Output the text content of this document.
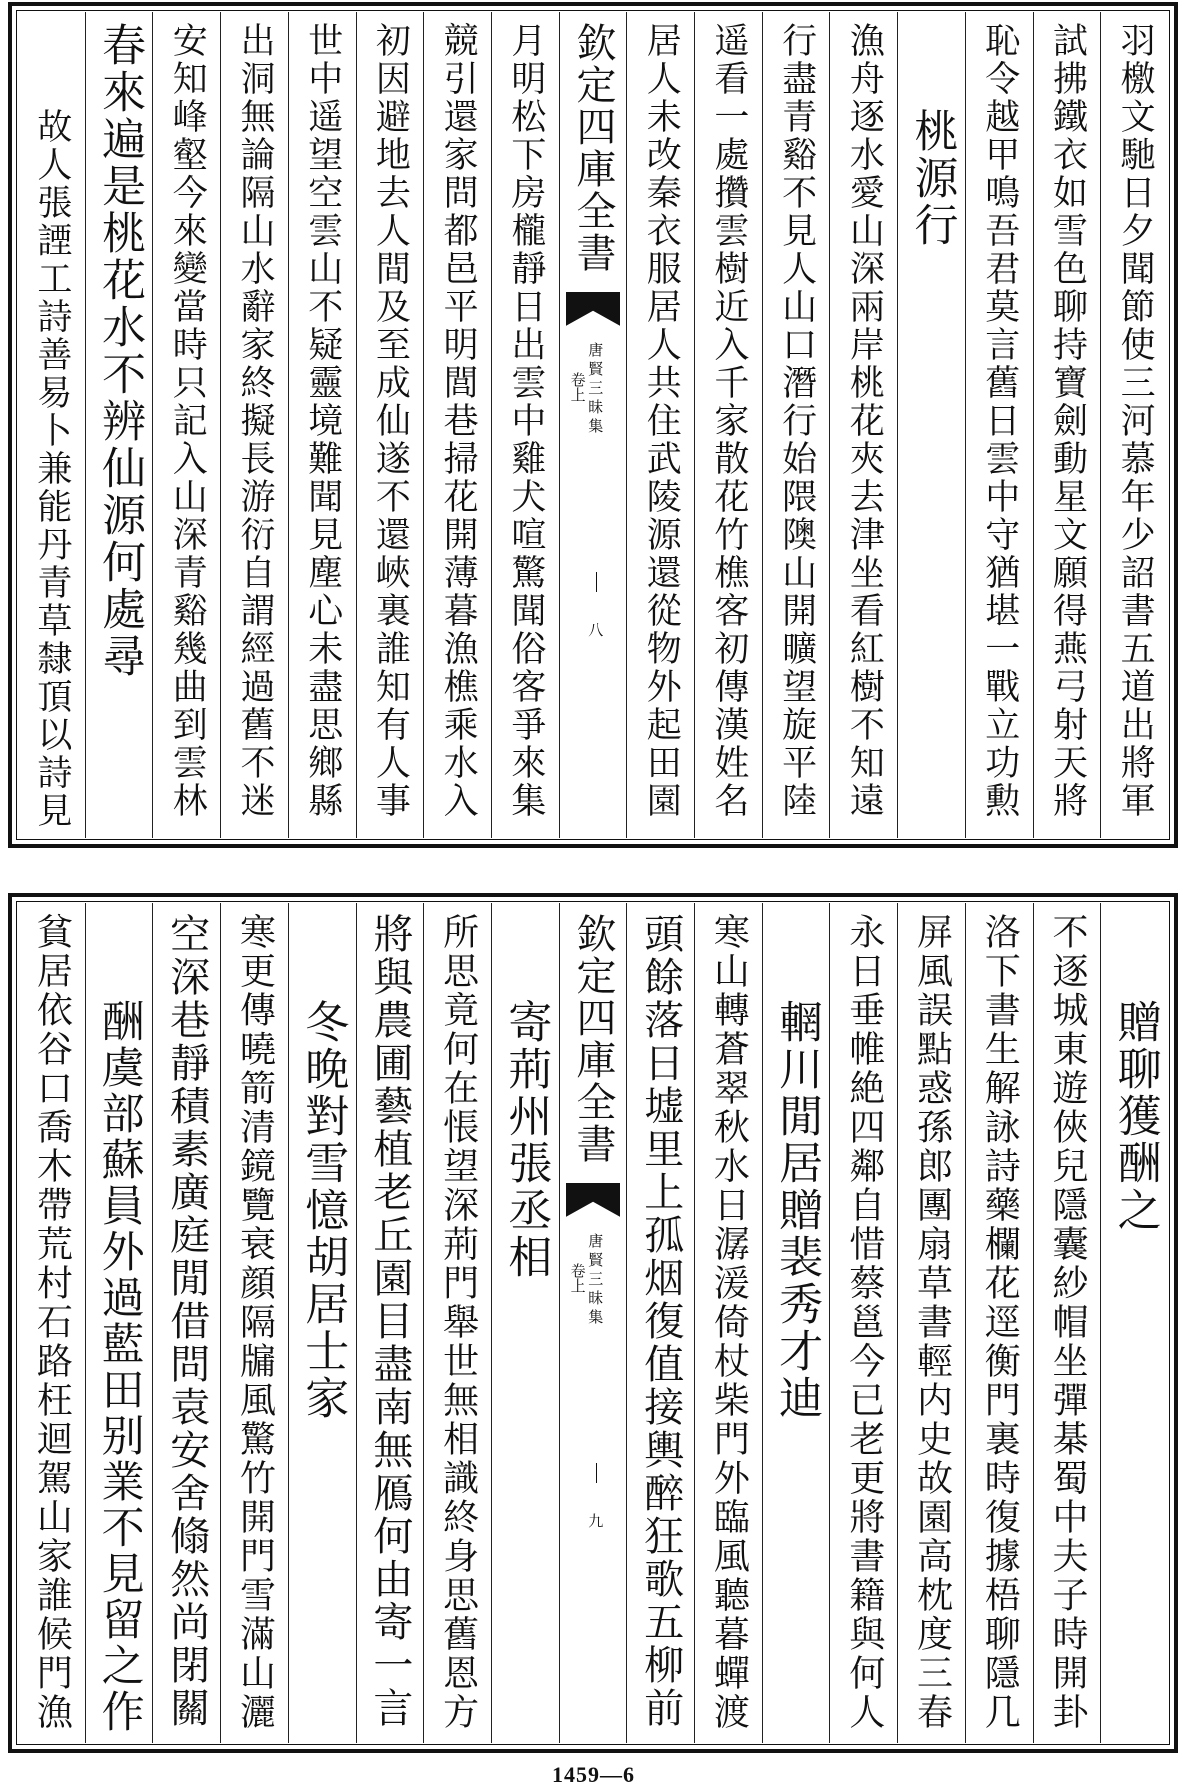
羽檄文馳日夕聞節使三河慕年少詔書五道出將軍
試拂鐵衣如雪色聊持寶劍動星文願得燕弓射天將
恥令越甲鳴吾君莫言舊日雲中守猶堪一戰立功勲
桃源行
漁舟逐水愛山深兩岸桃花夾去津坐看紅樹不知遠
行盡青谿不見人山口潛行始隈隩山開曠望旋平陸
遥看一處攢雲樹近入千家散花竹樵客初傳漢姓名
居人未改秦衣服居人共住武陵源還從物外起田園
欽定四庫全書
唐賢三昧集
卷上
八
月明松下房櫳靜日出雲中雞犬喧驚聞俗客爭來集
競引還家問都邑平明閭巷掃花開薄暮漁樵乘水入
初因避地去人間及至成仙遂不還峽裏誰知有人事
世中遥望空雲山不疑靈境難聞見塵心未盡思鄉縣
出洞無論隔山水辭家終擬長游衍自謂經過舊不迷
安知峰壑今來變當時只記入山深青谿幾曲到雲林
春來遍是桃花水不辨仙源何處尋
故人張諲工詩善易卜兼能丹青草隸頂以詩見
贈聊獲酬之
不逐城東遊俠兒隱囊紗帽坐彈棊蜀中夫子時開卦
洛下書生解詠詩藥欄花逕衡門裏時復據梧聊隱几
屏風誤點惑孫郎團扇草書輕内史故園高枕度三春
永日垂帷絶四鄰自惜蔡邕今已老更將書籍與何人
輞川閒居贈裴秀才迪
寒山轉蒼翠秋水日潺湲倚杖柴門外臨風聽暮蟬渡
頭餘落日墟里上孤烟復值接輿醉狂歌五柳前
欽定四庫全書
唐賢三昧集
卷上
九
寄荊州張丞相
所思竟何在悵望深荊門舉世無相識終身思舊恩方
將與農圃藝植老丘園目盡南無鴈何由寄一言
冬晚對雪憶胡居士家
寒更傳曉箭清鏡覽衰顔隔牖風驚竹開門雪滿山灑
空深巷靜積素廣庭閒借問袁安舍翛然尚閉關
酬虞部蘇員外過藍田别業不見留之作
貧居依谷口喬木帶荒村石路枉迴駕山家誰候門漁
1459—6
